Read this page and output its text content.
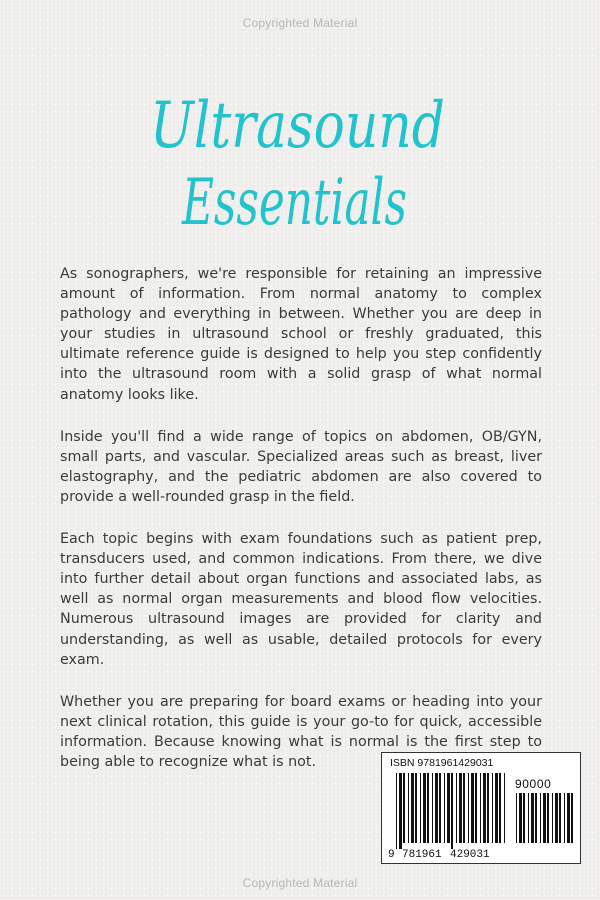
Copyrighted Material
Ultrasound
Essentials

As sonographers, we're responsible for retaining an impressive amount of information. From normal anatomy to complex pathology and everything in between. Whether you are deep in your studies in ultrasound school or freshly graduated, this ultimate reference guide is designed to help you step confidently into the ultrasound room with a solid grasp of what normal anatomy looks like.

Inside you'll find a wide range of topics on abdomen, OB/GYN, small parts, and vascular. Specialized areas such as breast, liver elastography, and the pediatric abdomen are also covered to provide a well-rounded grasp in the field.

Each topic begins with exam foundations such as patient prep, transducers used, and common indications. From there, we dive into further detail about organ functions and associated labs, as well as normal organ measurements and blood flow velocities. Numerous ultrasound images are provided for clarity and understanding, as well as usable, detailed protocols for every exam.

Whether you are preparing for board exams or heading into your next clinical rotation, this guide is your go-to for quick, accessible information. Because knowing what is normal is the first step to being able to recognize what is not.	ISBN 9781961429031
90000
9 781961 429031
Copyrighted Material
